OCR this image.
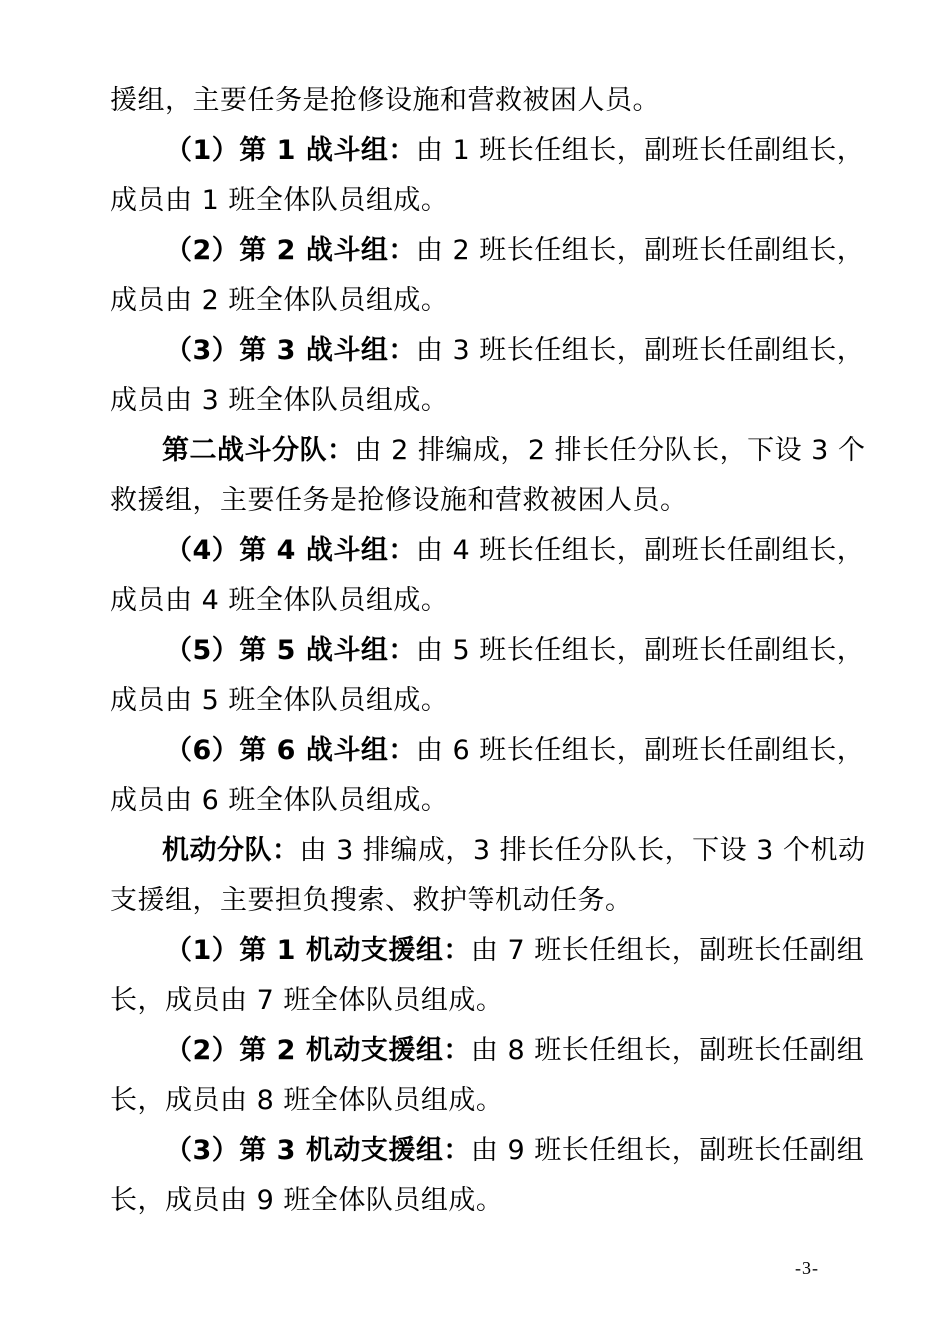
援组，主要任务是抢修设施和营救被困人员。
（1）第 1 战斗组：由 1 班长任组长，副班长任副组长，
成员由 1 班全体队员组成。
（2）第 2 战斗组：由 2 班长任组长，副班长任副组长，
成员由 2 班全体队员组成。
（3）第 3 战斗组：由 3 班长任组长，副班长任副组长，
成员由 3 班全体队员组成。
第二战斗分队：由 2 排编成，2 排长任分队长，下设 3 个
救援组，主要任务是抢修设施和营救被困人员。
（4）第 4 战斗组：由 4 班长任组长，副班长任副组长，
成员由 4 班全体队员组成。
（5）第 5 战斗组：由 5 班长任组长，副班长任副组长，
成员由 5 班全体队员组成。
（6）第 6 战斗组：由 6 班长任组长，副班长任副组长，
成员由 6 班全体队员组成。
机动分队：由 3 排编成，3 排长任分队长，下设 3 个机动
支援组，主要担负搜索、救护等机动任务。
（1）第 1 机动支援组：由 7 班长任组长，副班长任副组
长，成员由 7 班全体队员组成。
（2）第 2 机动支援组：由 8 班长任组长，副班长任副组
长，成员由 8 班全体队员组成。
（3）第 3 机动支援组：由 9 班长任组长，副班长任副组
长，成员由 9 班全体队员组成。
-3-
